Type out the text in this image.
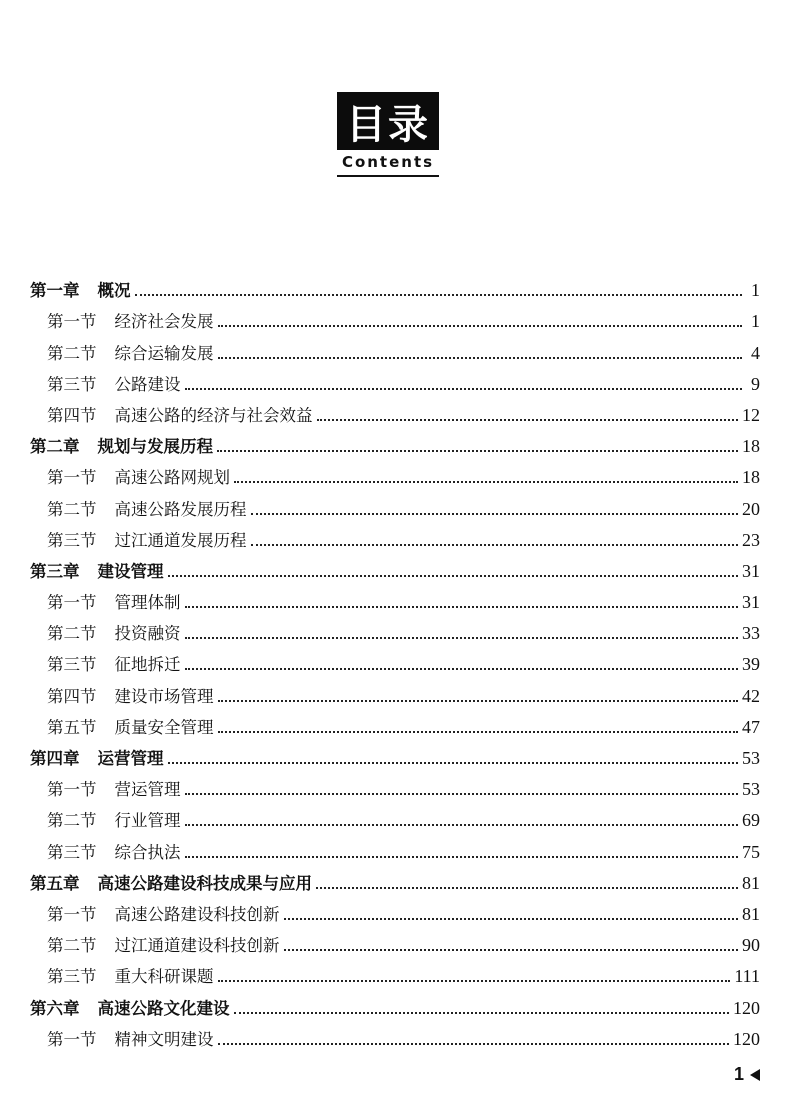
目录
Contents
第一章 概况	1
第一节 经济社会发展	1
第二节 综合运输发展	4
第三节 公路建设	9
第四节 高速公路的经济与社会效益	12
第二章 规划与发展历程	18
第一节 高速公路网规划	18
第二节 高速公路发展历程	20
第三节 过江通道发展历程	23
第三章 建设管理	31
第一节 管理体制	31
第二节 投资融资	33
第三节 征地拆迁	39
第四节 建设市场管理	42
第五节 质量安全管理	47
第四章 运营管理	53
第一节 营运管理	53
第二节 行业管理	69
第三节 综合执法	75
第五章 高速公路建设科技成果与应用	81
第一节 高速公路建设科技创新	81
第二节 过江通道建设科技创新	90
第三节 重大科研课题	111
第六章 高速公路文化建设	120
第一节 精神文明建设	120
1
